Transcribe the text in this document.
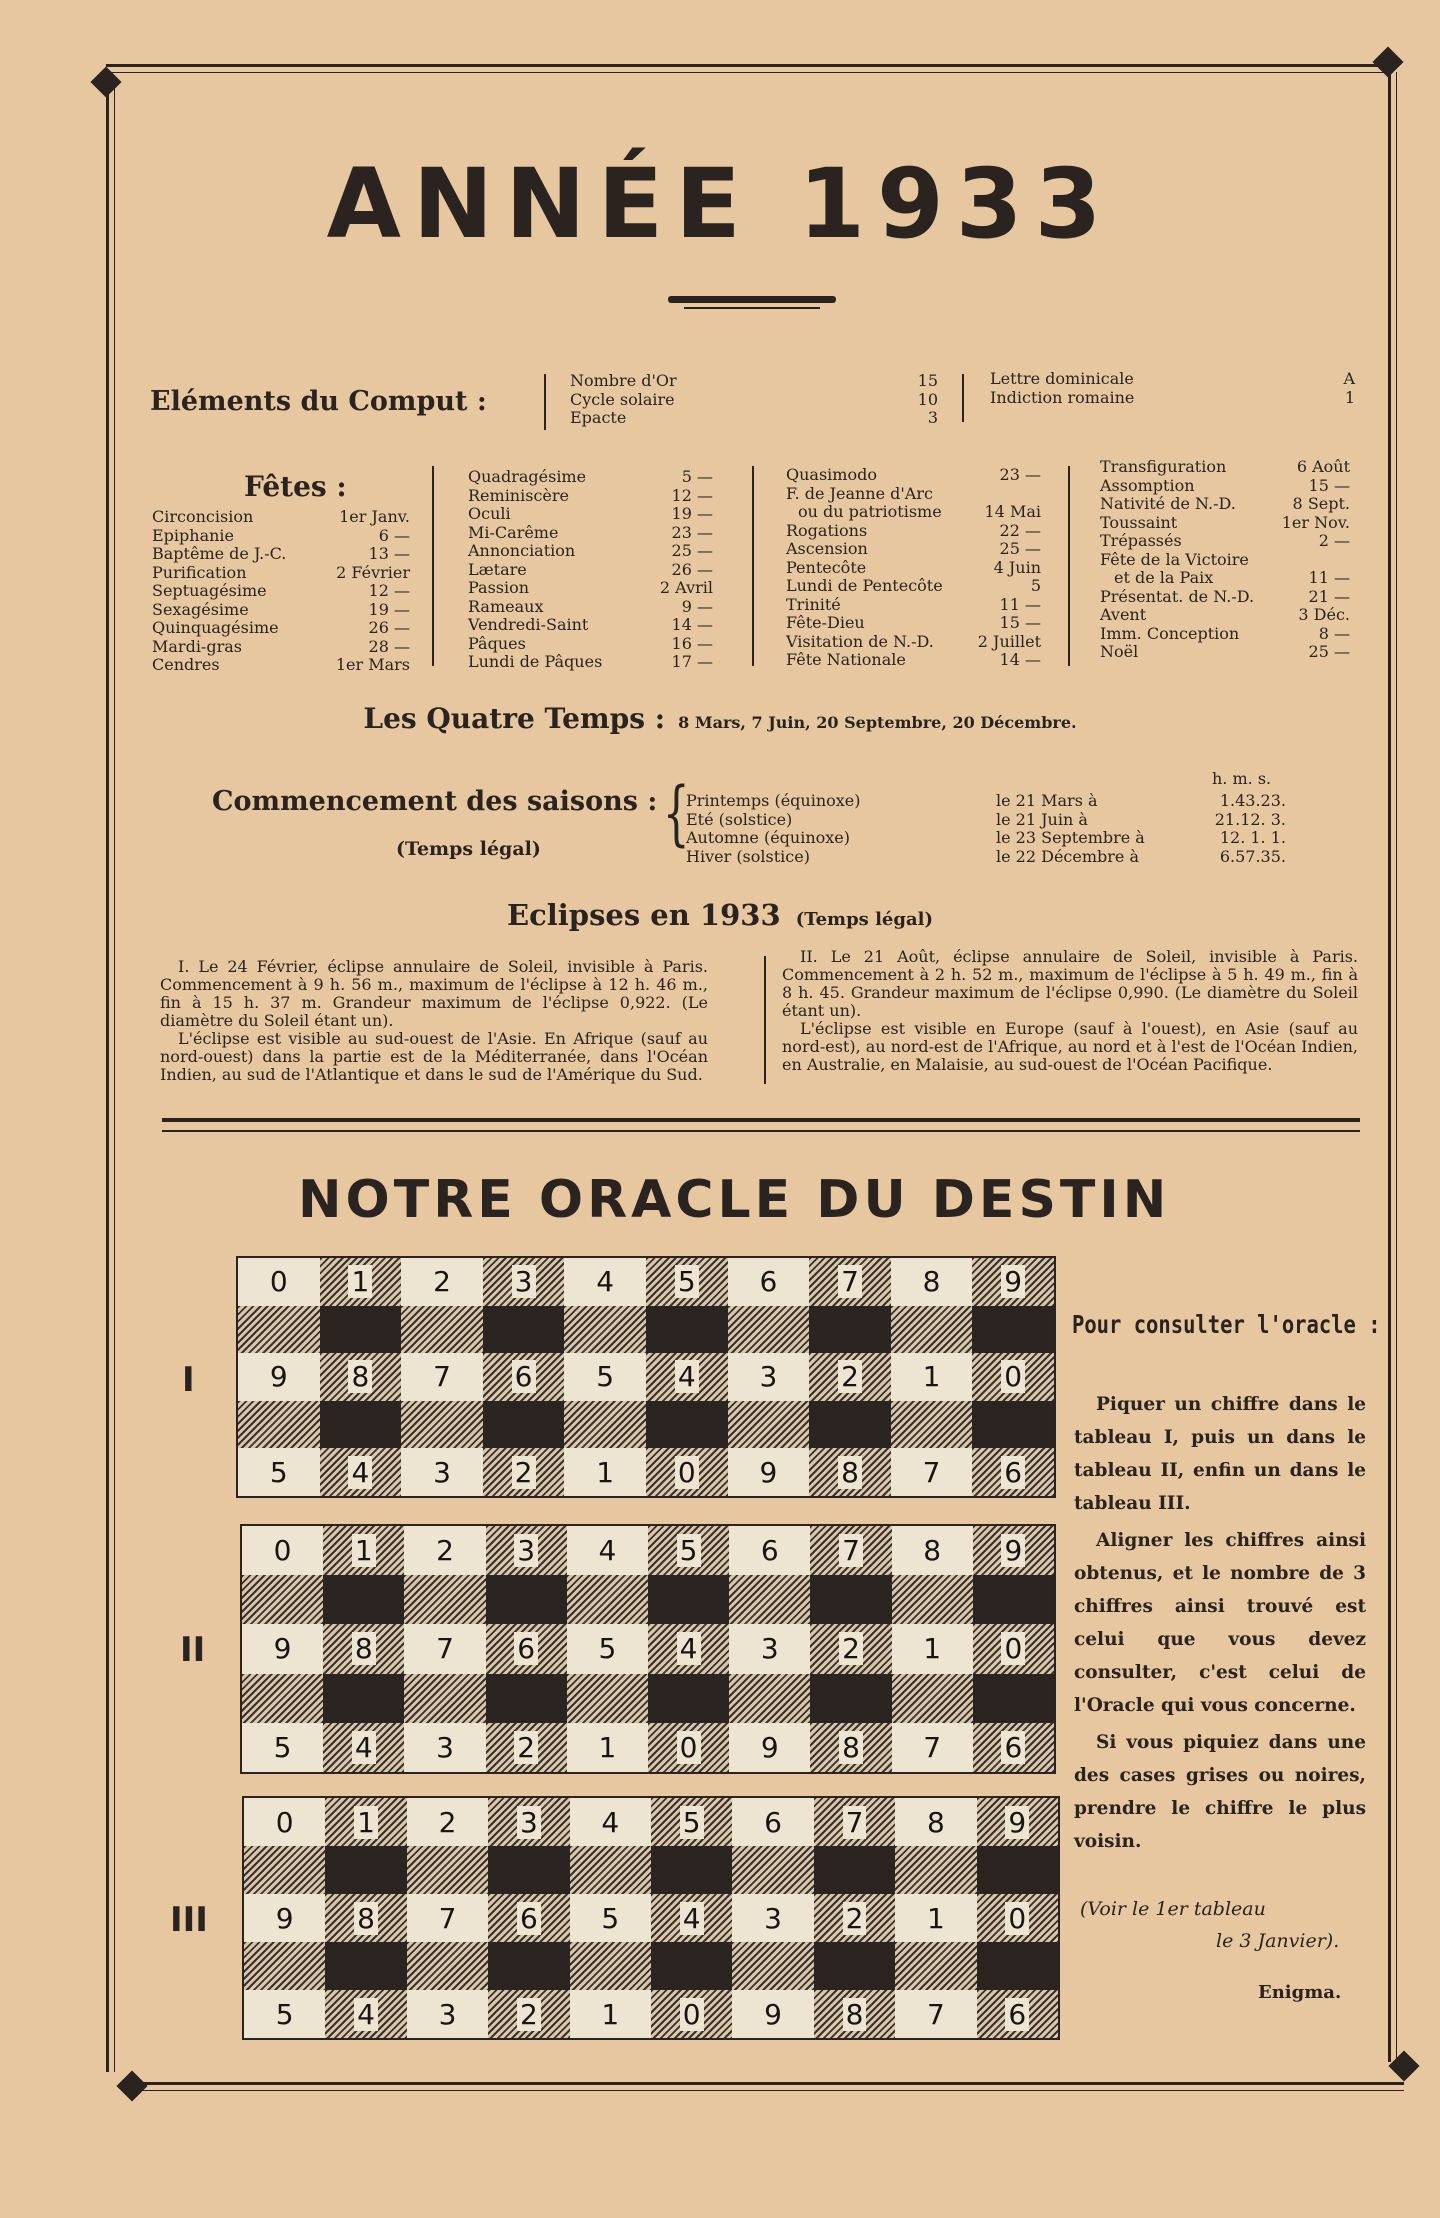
ANNÉE 1933
Eléments du Comput :
Nombre d'Or	15
Cycle solaire	10
Epacte	3
Lettre dominicale	A
Indiction romaine	1
Fêtes :
Circoncision	1er Janv.
Epiphanie	6 —
Baptême de J.-C.	13 —
Purification	2 Février
Septuagésime	12 —
Sexagésime	19 —
Quinquagésime	26 —
Mardi-gras	28 —
Cendres	1er Mars
Quadragésime	5 —
Reminiscère	12 —
Oculi	19 —
Mi-Carême	23 —
Annonciation	25 —
Lætare	26 —
Passion	2 Avril
Rameaux	9 —
Vendredi-Saint	14 —
Pâques	16 —
Lundi de Pâques	17 —
Quasimodo	23 —
F. de Jeanne d'Arc
ou du patriotisme	14 Mai
Rogations	22 —
Ascension	25 —
Pentecôte	4 Juin
Lundi de Pentecôte	5
Trinité	11 —
Fête-Dieu	15 —
Visitation de N.-D.	2 Juillet
Fête Nationale	14 —
Transfiguration	6 Août
Assomption	15 —
Nativité de N.-D.	8 Sept.
Toussaint	1er Nov.
Trépassés	2 —
Fête de la Victoire
et de la Paix	11 —
Présentat. de N.-D.	21 —
Avent	3 Déc.
Imm. Conception	8 —
Noël	25 —
Les Quatre Temps : 8 Mars, 7 Juin, 20 Septembre, 20 Décembre.
Commencement des saisons :
(Temps légal) {	h. m. s.
Printemps (équinoxe)	le 21 Mars à	1.43.23.
Eté (solstice)	le 21 Juin à	21.12. 3.
Automne (équinoxe)	le 23 Septembre à	12. 1. 1.
Hiver (solstice)	le 22 Décembre à	6.57.35.
Eclipses en 1933 (Temps légal)

I. Le 24 Février, éclipse annulaire de Soleil, invisible à Paris. Commencement à 9 h. 56 m., maximum de l'éclipse à 12 h. 46 m., fin à 15 h. 37 m. Grandeur maximum de l'éclipse 0,922. (Le diamètre du Soleil étant un).

L'éclipse est visible au sud-ouest de l'Asie. En Afrique (sauf au nord-ouest) dans la partie est de la Méditerranée, dans l'Océan Indien, au sud de l'Atlantique et dans le sud de l'Amérique du Sud.

II. Le 21 Août, éclipse annulaire de Soleil, invisible à Paris. Commencement à 2 h. 52 m., maximum de l'éclipse à 5 h. 49 m., fin à 8 h. 45. Grandeur maximum de l'éclipse 0,990. (Le diamètre du Soleil étant un).

L'éclipse est visible en Europe (sauf à l'ouest), en Asie (sauf au nord-est), au nord-est de l'Afrique, au nord et à l'est de l'Océan Indien, en Australie, en Malaisie, au sud-ouest de l'Océan Pacifique.

NOTRE ORACLE DU DESTIN
I
0 1 2 3 4 5 6 7 8 9
9 8 7 6 5 4 3 2 1 0
5 4 3 2 1 0 9 8 7 6
II
0 1 2 3 4 5 6 7 8 9
9 8 7 6 5 4 3 2 1 0
5 4 3 2 1 0 9 8 7 6
III
0 1 2 3 4 5 6 7 8 9
9 8 7 6 5 4 3 2 1 0
5 4 3 2 1 0 9 8 7 6
Pour consulter l'oracle :
Piquer un chiffre dans le tableau I, puis un dans le tableau II, enfin un dans le tableau III.
Aligner les chiffres ainsi obtenus, et le nombre de 3 chiffres ainsi trouvé est celui que vous devez consulter, c'est celui de l'Oracle qui vous concerne.
Si vous piquiez dans une des cases grises ou noires, prendre le chiffre le plus voisin.
(Voir le 1er tableau
le 3 Janvier).
Enigma.
